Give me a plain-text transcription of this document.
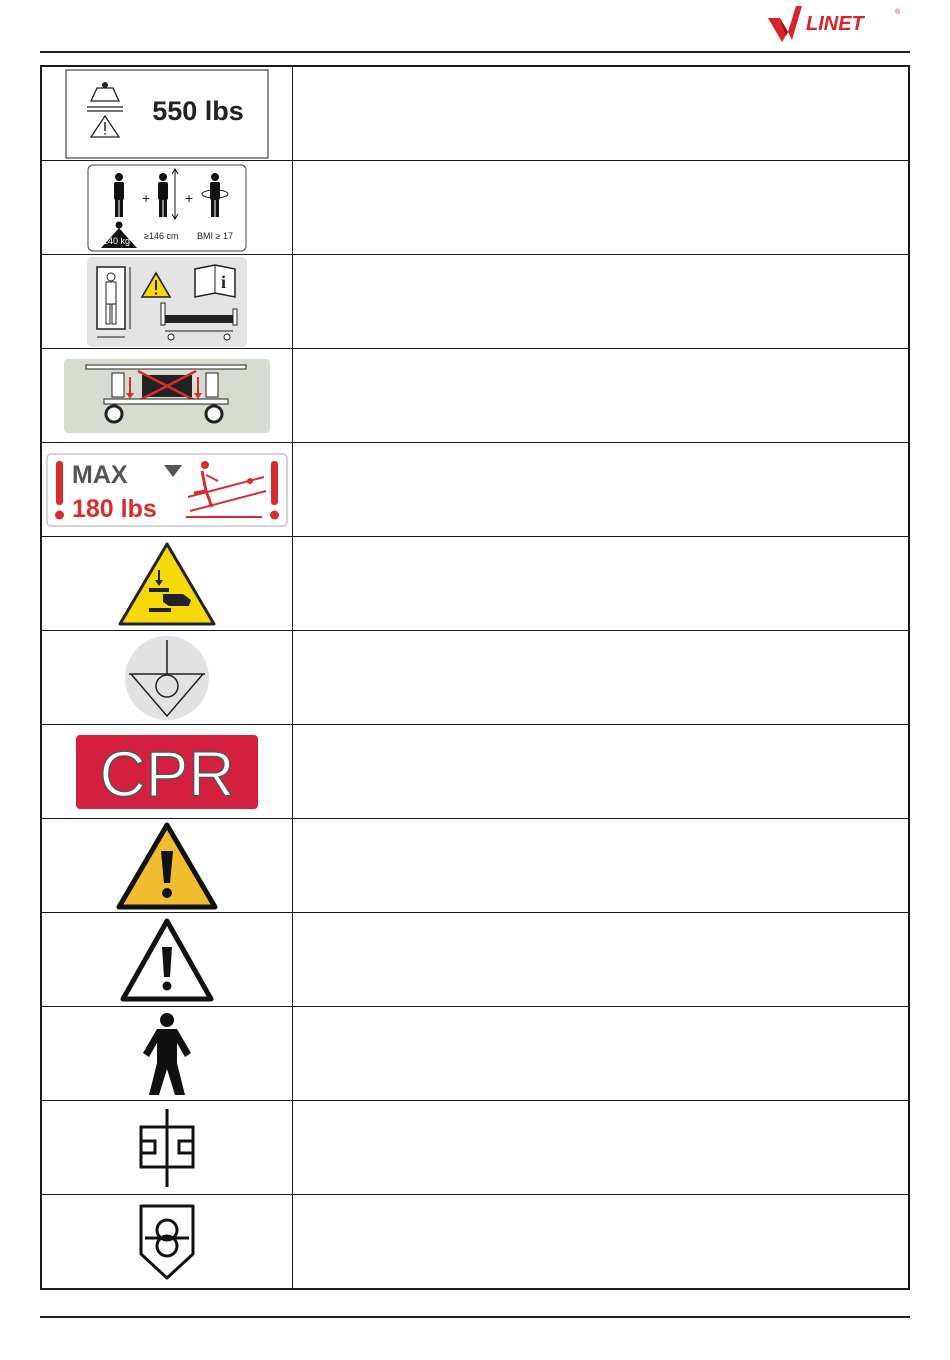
LINET
®
550 lbs	

+ +
≥40 kg ≥146 cm BMI ≥ 17	

i	

MAX
180 lbs	

CPR	
